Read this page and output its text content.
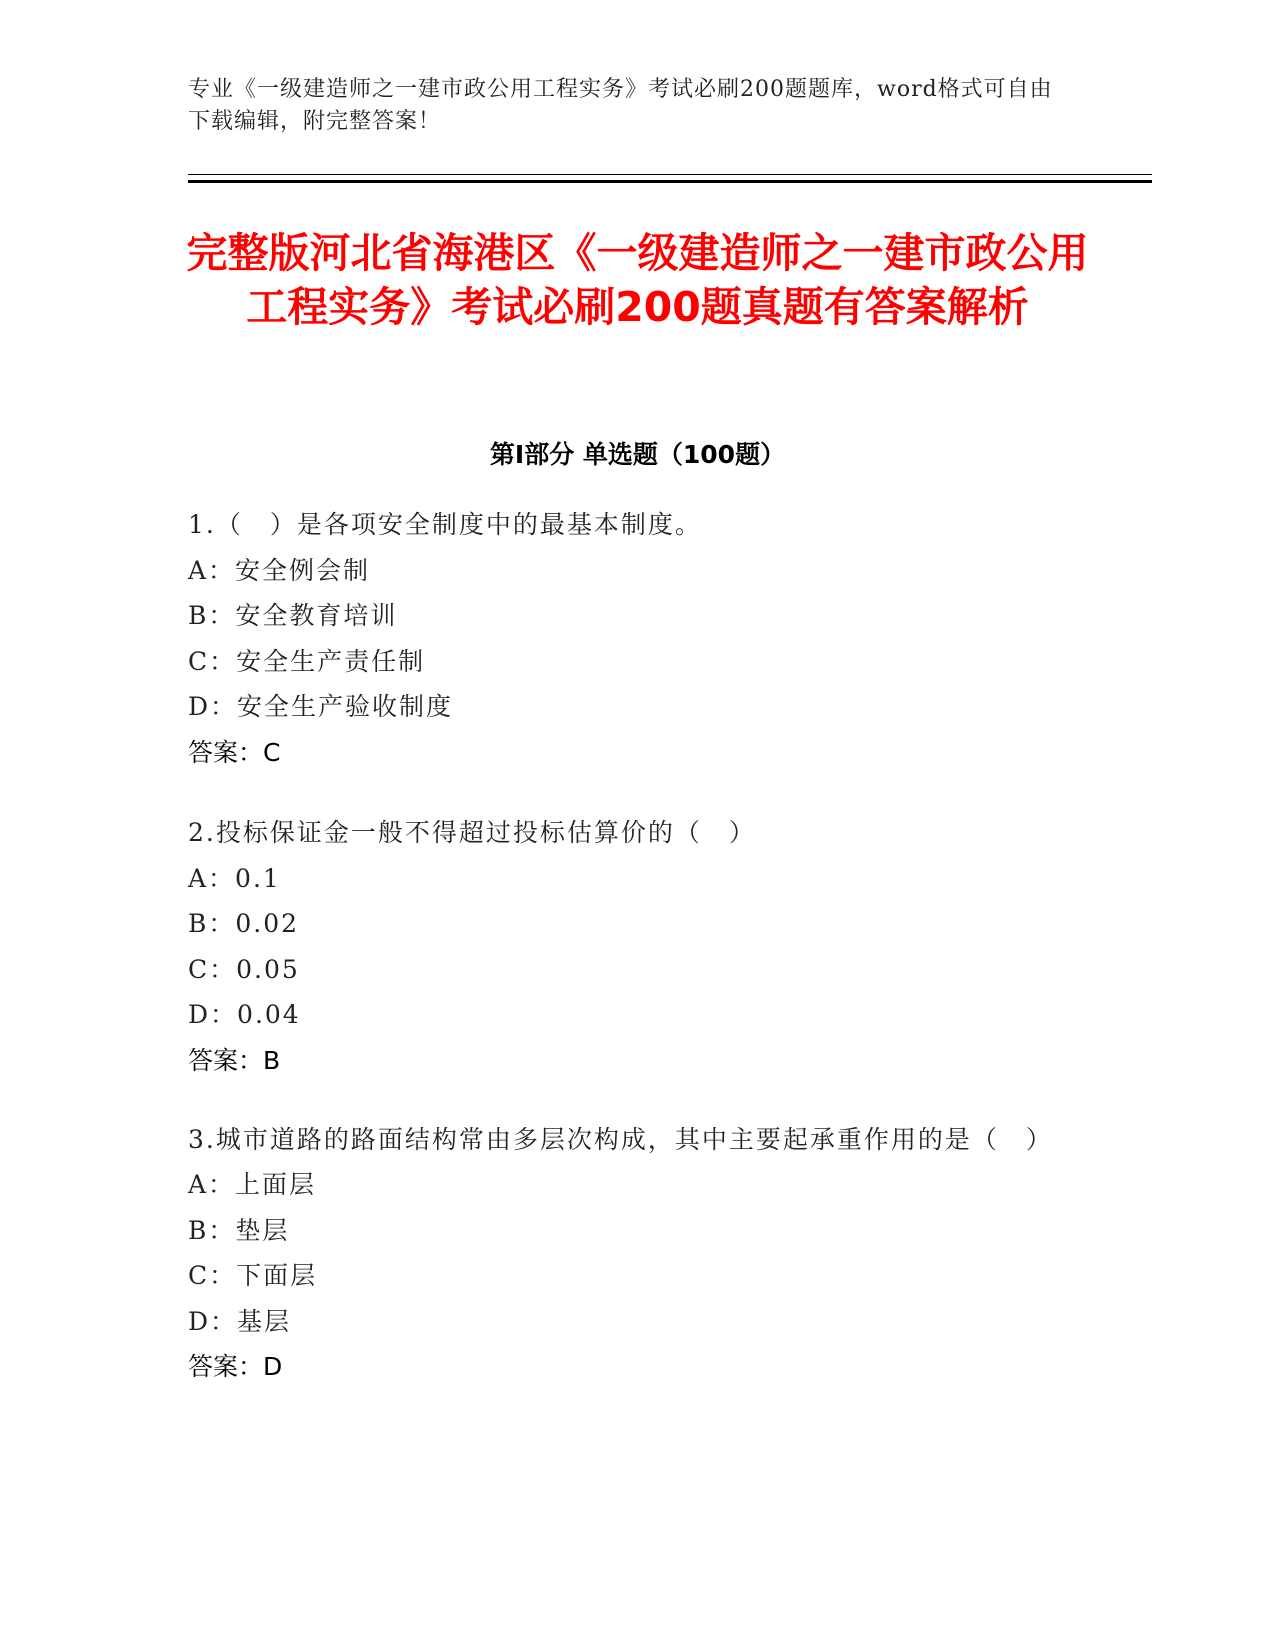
专业《一级建造师之一建市政公用工程实务》考试必刷200题题库，word格式可自由下载编辑，附完整答案！
完整版河北省海港区《一级建造师之一建市政公用工程实务》考试必刷200题真题有答案解析
第Ⅰ部分 单选题（100题）
1.（　）是各项安全制度中的最基本制度。
A：安全例会制
B：安全教育培训
C：安全生产责任制
D：安全生产验收制度
答案：C
2.投标保证金一般不得超过投标估算价的（　）
A：0.1
B：0.02
C：0.05
D：0.04
答案：B
3.城市道路的路面结构常由多层次构成，其中主要起承重作用的是（　）
A：上面层
B：垫层
C：下面层
D：基层
答案：D
